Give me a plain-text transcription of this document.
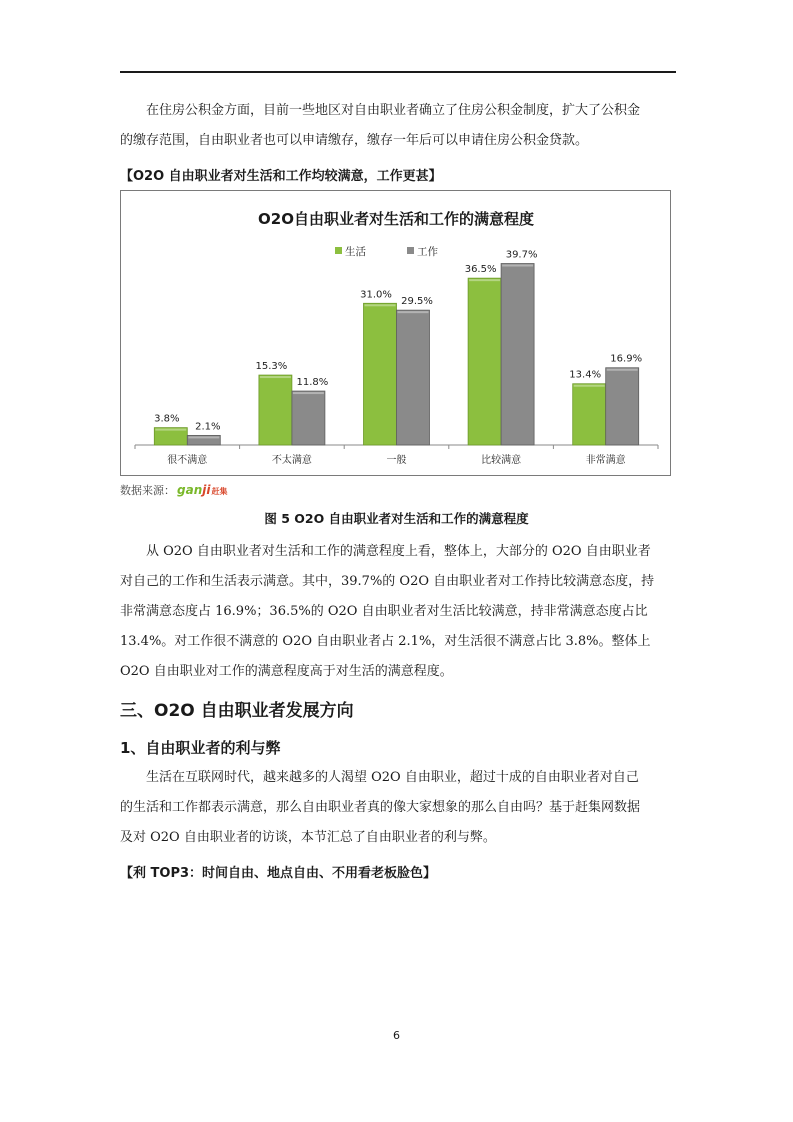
在住房公积金方面，目前一些地区对自由职业者确立了住房公积金制度，扩大了公积金
的缴存范围，自由职业者也可以申请缴存，缴存一年后可以申请住房公积金贷款。

【O2O 自由职业者对生活和工作均较满意，工作更甚】
O2O自由职业者对生活和工作的满意程度
生活	工作
3.8%
2.1%
很不满意
15.3%
11.8%
不太满意
31.0%
29.5%
一般
36.5%
39.7%
比较满意
13.4%
16.9%
非常满意
数据来源： ganji赶集
图 5 O2O 自由职业者对生活和工作的满意程度

从 O2O 自由职业者对生活和工作的满意程度上看，整体上，大部分的 O2O 自由职业者
对自己的工作和生活表示满意。其中，39.7%的 O2O 自由职业者对工作持比较满意态度，持
非常满意态度占 16.9%；36.5%的 O2O 自由职业者对生活比较满意，持非常满意态度占比
13.4%。对工作很不满意的 O2O 自由职业者占 2.1%，对生活很不满意占比 3.8%。整体上
O2O 自由职业对工作的满意程度高于对生活的满意程度。

三、O2O 自由职业者发展方向
1、自由职业者的利与弊

生活在互联网时代，越来越多的人渴望 O2O 自由职业，超过十成的自由职业者对自己
的生活和工作都表示满意，那么自由职业者真的像大家想象的那么自由吗？基于赶集网数据
及对 O2O 自由职业者的访谈，本节汇总了自由职业者的利与弊。

【利 TOP3：时间自由、地点自由、不用看老板脸色】
6
